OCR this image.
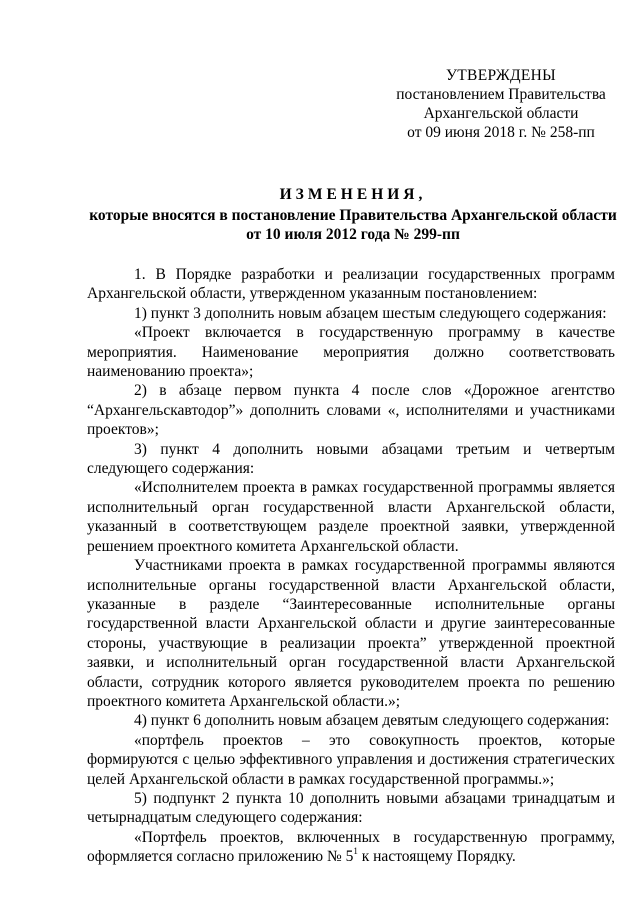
УТВЕРЖДЕНЫ
постановлением Правительства
Архангельской области
от 09 июня 2018 г. № 258-пп
ИЗМЕНЕНИЯ,
которые вносятся в постановление Правительства Архангельской области
от 10 июля 2012 года № 299-пп

1. В Порядке разработки и реализации государственных программ Архангельской области, утвержденном указанным постановлением:

1) пункт 3 дополнить новым абзацем шестым следующего содержания:

«Проект включается в государственную программу в качестве мероприятия. Наименование мероприятия должно соответствовать наименованию проекта»;

2) в абзаце первом пункта 4 после слов «Дорожное агентство “Архангельскавтодор”» дополнить словами «, исполнителями и участниками проектов»;

3) пункт 4 дополнить новыми абзацами третьим и четвертым следующего содержания:

«Исполнителем проекта в рамках государственной программы является исполнительный орган государственной власти Архангельской области, указанный в соответствующем разделе проектной заявки, утвержденной решением проектного комитета Архангельской области.

Участниками проекта в рамках государственной программы являются исполнительные органы государственной власти Архангельской области, указанные в разделе “Заинтересованные исполнительные органы государственной власти Архангельской области и другие заинтересованные стороны, участвующие в реализации проекта” утвержденной проектной заявки, и исполнительный орган государственной власти Архангельской области, сотрудник которого является руководителем проекта по решению проектного комитета Архангельской области.»;

4) пункт 6 дополнить новым абзацем девятым следующего содержания:

«портфель проектов – это совокупность проектов, которые формируются с целью эффективного управления и достижения стратегических целей Архангельской области в рамках государственной программы.»;

5) подпункт 2 пункта 10 дополнить новыми абзацами тринадцатым и четырнадцатым следующего содержания:

«Портфель проектов, включенных в государственную программу, оформляется согласно приложению № $5^1$ к настоящему Порядку.
